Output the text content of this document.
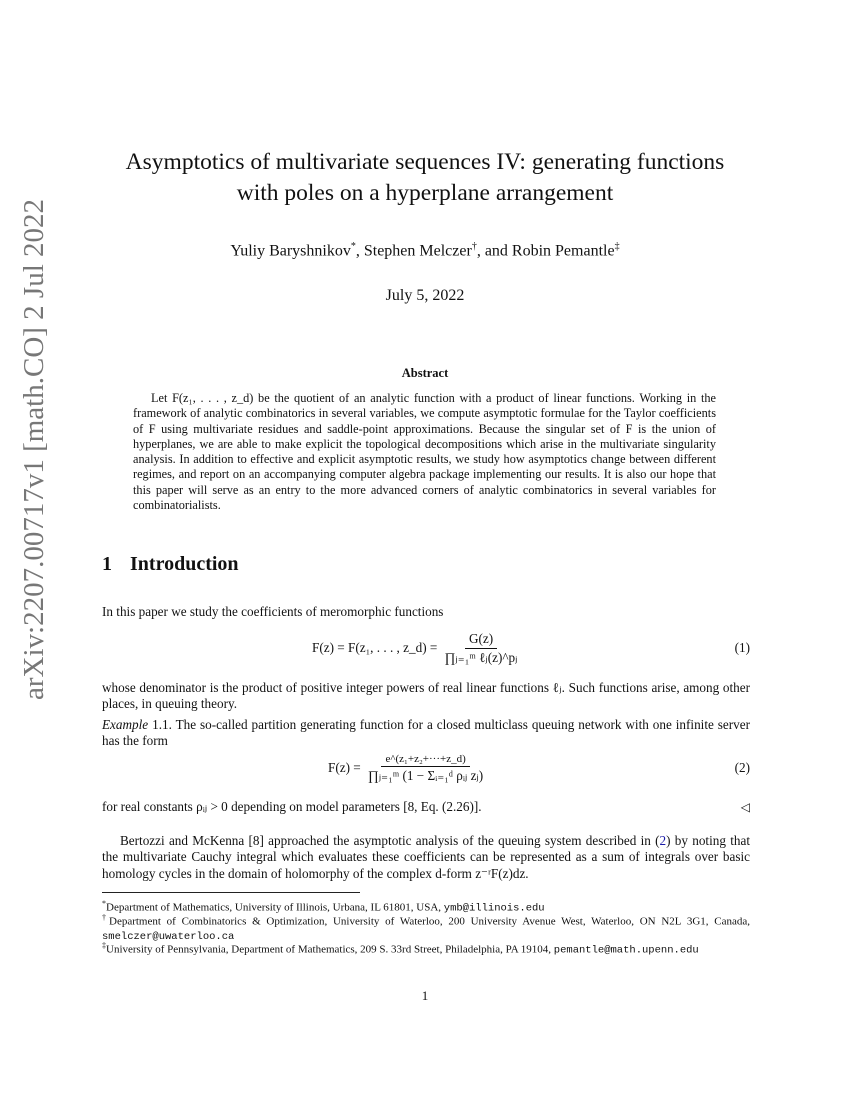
arXiv:2207.00717v1 [math.CO] 2 Jul 2022
Asymptotics of multivariate sequences IV: generating functions
with poles on a hyperplane arrangement
Yuliy Baryshnikov*, Stephen Melczer†, and Robin Pemantle‡
July 5, 2022
Abstract
Let F(z₁, . . . , z_d) be the quotient of an analytic function with a product of linear functions. Working in the framework of analytic combinatorics in several variables, we compute asymptotic formulae for the Taylor coefficients of F using multivariate residues and saddle-point approximations. Because the singular set of F is the union of hyperplanes, we are able to make explicit the topological decompositions which arise in the multivariate singularity analysis. In addition to effective and explicit asymptotic results, we study how asymptotics change between different regimes, and report on an accompanying computer algebra package implementing our results. It is also our hope that this paper will serve as an entry to the more advanced corners of analytic combinatorics in several variables for combinatorialists.
1 Introduction
In this paper we study the coefficients of meromorphic functions
F(z) = F(z₁, . . . , z_d) =
$\frac{G(z)}{\text{∏ⱼ₌₁ᵐ ℓⱼ(z)\textasciicircum{}pⱼ}}$	(1)
whose denominator is the product of positive integer powers of real linear functions ℓⱼ. Such functions arise, among other places, in queuing theory.
Example 1.1. The so-called partition generating function for a closed multiclass queuing network with one infinite server has the form
F(z) =
$\frac{\text{e\textasciicircum{}(z₁+z₂+···+z\_d)}}{\text{∏ⱼ₌₁ᵐ (1 − Σᵢ₌₁ᵈ ρᵢⱼ zⱼ)}}$	(2)
for real constants ρᵢⱼ > 0 depending on model parameters [8, Eq. (2.26)].	◁
Bertozzi and McKenna [8] approached the asymptotic analysis of the queuing system described in (2) by noting that the multivariate Cauchy integral which evaluates these coefficients can be represented as a sum of integrals over basic homology cycles in the domain of holomorphy of the complex d-form z⁻ʳF(z)dz.
*Department of Mathematics, University of Illinois, Urbana, IL 61801, USA, ymb@illinois.edu
†Department of Combinatorics & Optimization, University of Waterloo, 200 University Avenue West, Waterloo, ON N2L 3G1, Canada, smelczer@uwaterloo.ca
‡University of Pennsylvania, Department of Mathematics, 209 S. 33rd Street, Philadelphia, PA 19104, pemantle@math.upenn.edu
1
